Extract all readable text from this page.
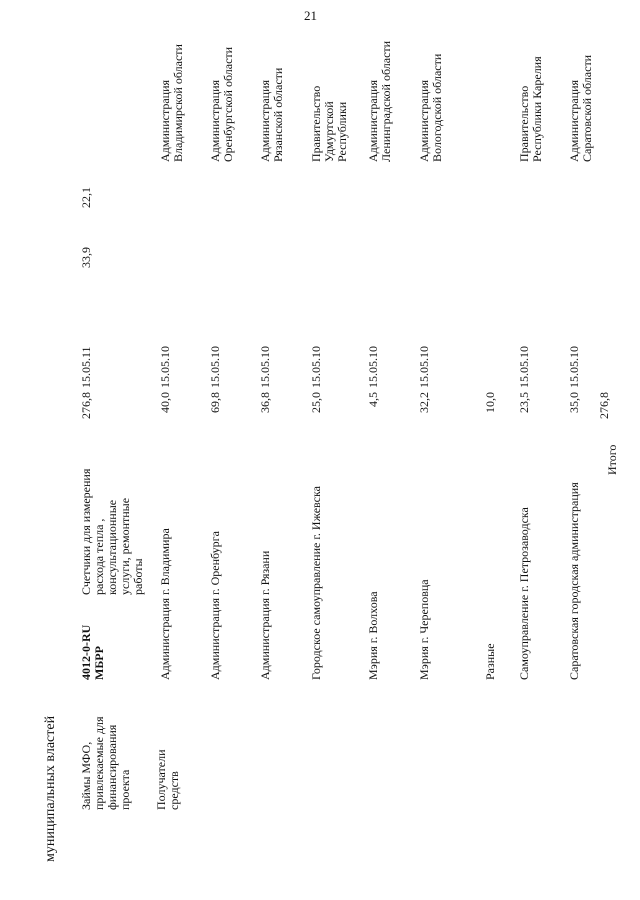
21
муниципальных властей Займы МФО, привлекаемые для финансирования проекта
4012-0-RU
МБРР
Счетчики для измерения расхода тепла , консультационные услуги, ремонтные работы
276,8
15.05.11
33,9
22,1
Получатели средств
Администрация г. Владимира
40,0
15.05.10
Администрация Владимирской области
Администрация г. Оренбурга
69,8
15.05.10
Администрация Оренбургской области
Администрация г. Рязани
36,8
15.05.10
Администрация Рязанской области
Городское самоуправление г. Ижевска
25,0
15.05.10
Правительство
Удмуртской
Республики
Мэрия г. Волхова
4,5
15.05.10
Администрация Ленинградской области
Мэрия г. Череповца
32,2
15.05.10
Администрация Вологодской области
Разные
10,0
Самоуправление г. Петрозаводска
23,5
15.05.10
Правительство
Республики Карелия
Саратовская городская администрация
35,0
15.05.10
Администрация Саратовской области
Итого
276,8
